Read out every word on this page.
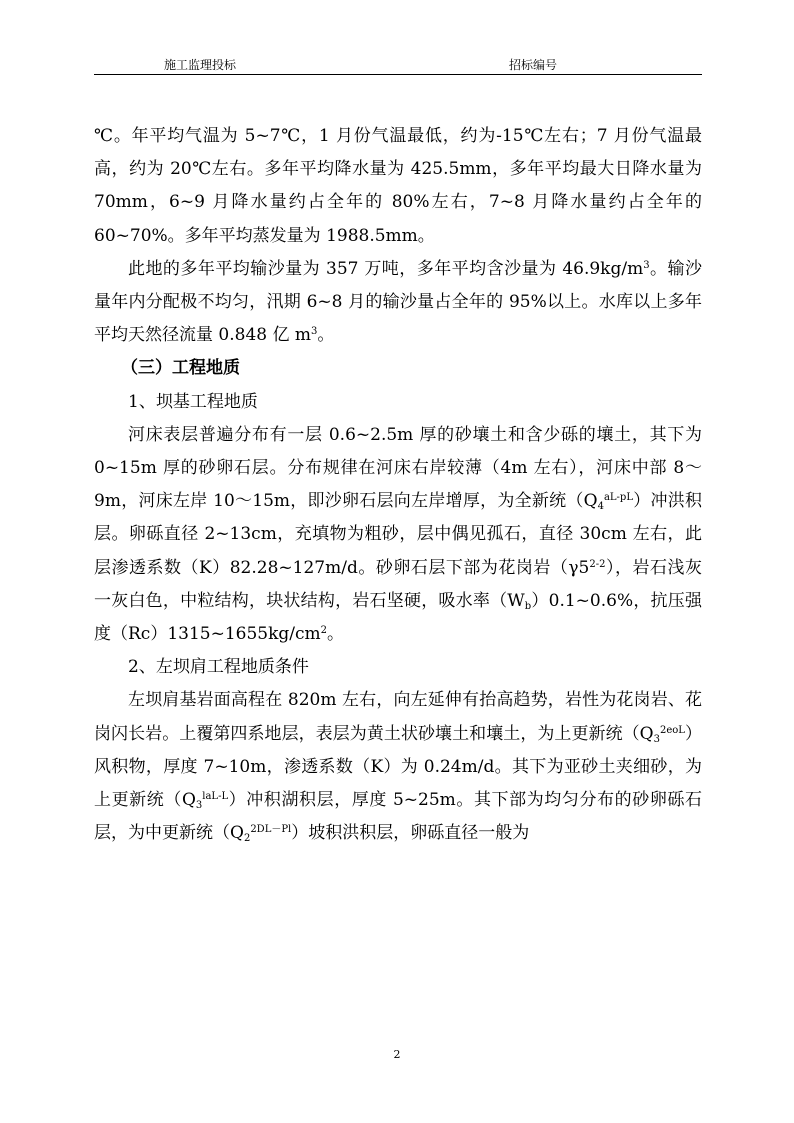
施工监理投标	招标编号

℃。年平均气温为 5~7℃，1 月份气温最低，约为-15℃左右；7 月份气温最高，约为 20℃左右。多年平均降水量为 425.5mm，多年平均最大日降水量为 70mm，6~9 月降水量约占全年的 80%左右，7~8 月降水量约占全年的 60~70%。多年平均蒸发量为 1988.5mm。

此地的多年平均输沙量为 357 万吨，多年平均含沙量为 $46.9kg/m^3$。输沙量年内分配极不均匀，汛期 6~8 月的输沙量占全年的 95%以上。水库以上多年平均天然径流量 0.848 亿 $m^3$。

（三）工程地质

1、坝基工程地质

河床表层普遍分布有一层 0.6~2.5m 厚的砂壤土和含少砾的壤土，其下为 0~15m 厚的砂卵石层。分布规律在河床右岸较薄（4m 左右），河床中部 8～9m，河床左岸 10～15m，即沙卵石层向左岸增厚，为全新统$(Q_4^{aL-pL})$冲洪积层。卵砾直径 2~13cm，充填物为粗砂，层中偶见孤石，直径 30cm 左右，此层渗透系数（K）82.28~127m/d。砂卵石层下部为花岗岩（γ5$^{2-2}$），岩石浅灰一灰白色，中粒结构，块状结构，岩石坚硬，吸水率$(W_b)0.1\sim 0.6\%$，抗压强度$(Rc)1315\sim 1655kg/cm^2$。

2、左坝肩工程地质条件

左坝肩基岩面高程在 820m 左右，向左延伸有抬高趋势，岩性为花岗岩、花岗闪长岩。上覆第四系地层，表层为黄土状砂壤土和壤土，为上更新统$(Q_3^{2eoL})$风积物，厚度 7~10m，渗透系数（K）为 0.24m/d。其下为亚砂土夹细砂，为上更新统$(Q_3^{laL-L})$冲积湖积层，厚度 5~25m。其下部为均匀分布的砂卵砾石层，为中更新统$(Q_2^{2DL-Pl})$坡积洪积层，卵砾直径一般为

2
